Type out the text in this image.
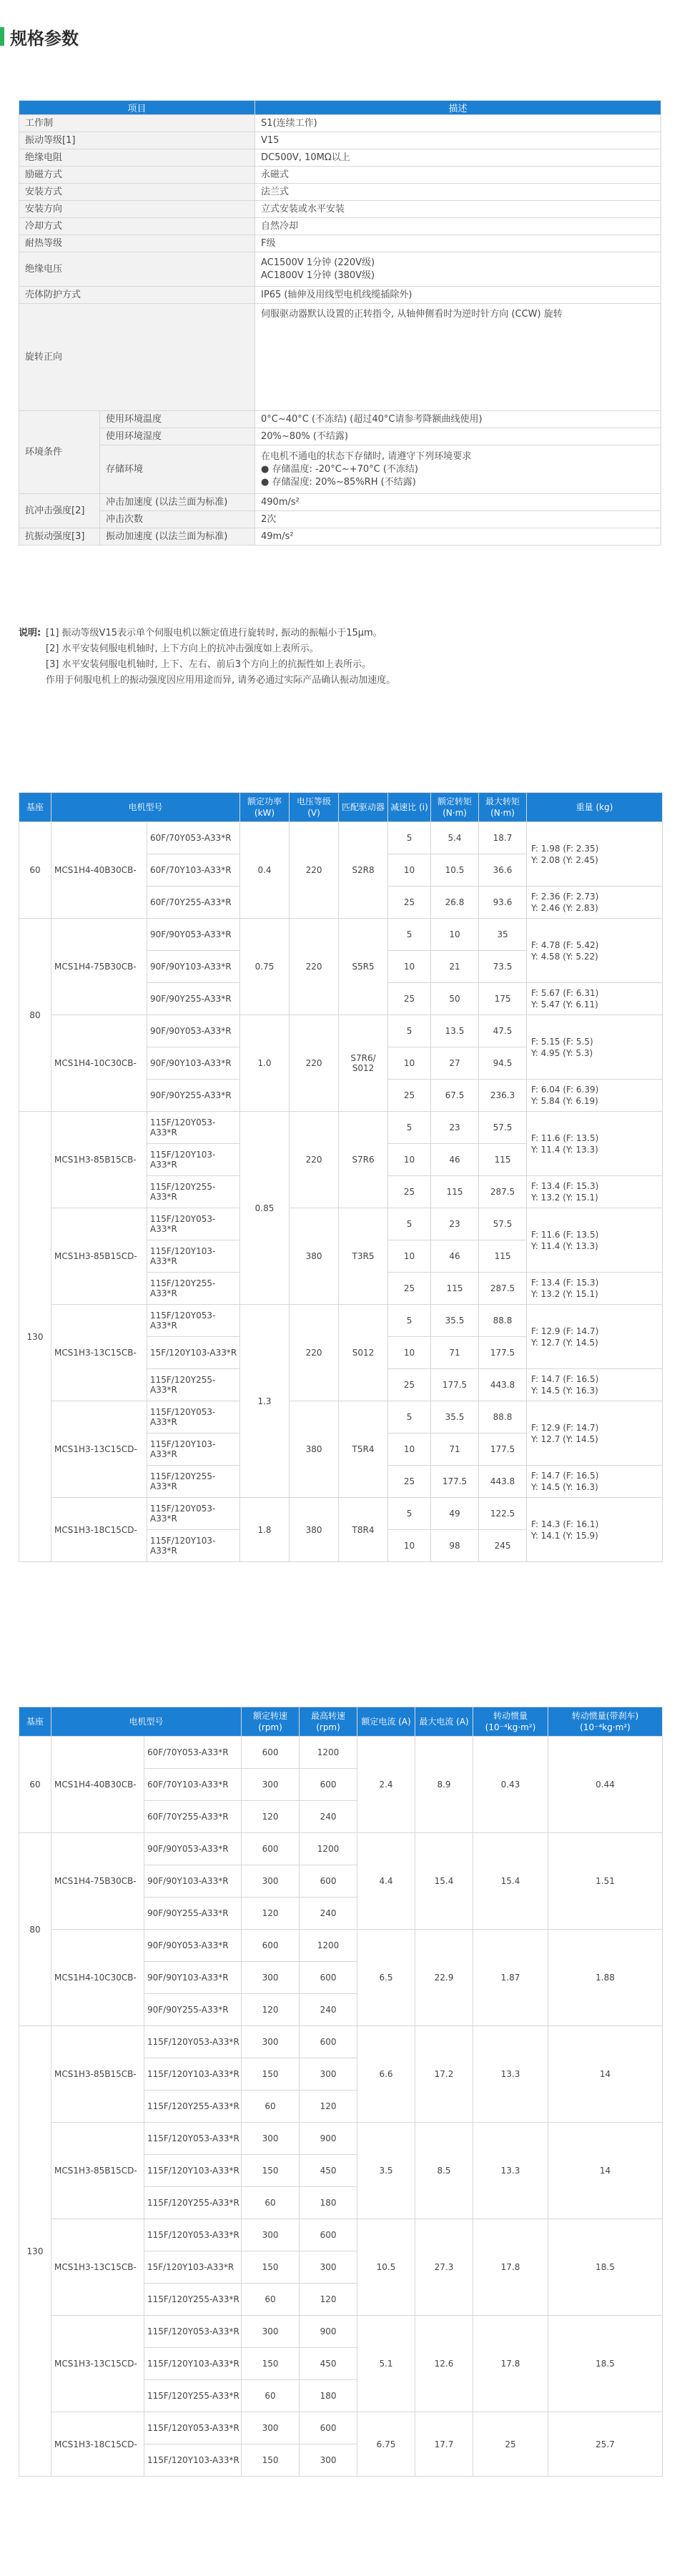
规格参数
项目		描述
工作制		S1(连续工作)
振动等级[1]		V15
绝缘电阻		DC500V, 10MΩ以上
励磁方式		永磁式
安装方式		法兰式
安装方向		立式安装或水平安装
冷却方式		自然冷却
耐热等级		F级
绝缘电压		AC1500V 1分钟 (220V级)
AC1800V 1分钟 (380V级)

壳体防护方式		IP65 (轴伸及用线型电机线缆插除外)
旋转正向		伺服驱动器默认设置的正转指令, 从轴伸侧看时为逆时针方向 (CCW) 旋转
环境条件	使用环境温度	0°C~40°C (不冻结) (超过40°C请参考降额曲线使用)
	使用环境湿度	20%~80% (不结露)
	存储环境	在电机不通电的状态下存储时, 请遵守下列环境要求
● 存储温度: -20°C~+70°C (不冻结)
● 存储湿度: 20%~85%RH (不结露)

抗冲击强度[2]	冲击加速度 (以法兰面为标准)	490m/s²
	冲击次数	2次
抗振动强度[3]	振动加速度 (以法兰面为标准)	49m/s²
说明: [1] 振动等级V15表示单个伺服电机以额定值进行旋转时, 振动的振幅小于15μm。
[2] 水平安装伺服电机轴时, 上下方向上的抗冲击强度如上表所示。
[3] 水平安装伺服电机轴时, 上下、左右、前后3个方向上的抗振性如上表所示。
作用于伺服电机上的振动强度因应用用途而异, 请务必通过实际产品确认振动加速度。
基座	电机型号		额定功率 (kW)	电压等级 (V)	匹配驱动器	减速比 (i)	额定转矩 (N·m)	最大转矩 (N·m)	重量 (kg)
60	MCS1H4-40B30CB-	60F/70Y053-A33*R	0.4	220	S2R8	5	5.4	18.7	F: 1.98 (F: 2.35)
Y: 2.08 (Y: 2.45)

		60F/70Y103-A33*R				10	10.5	36.6	
		60F/70Y255-A33*R				25	26.8	93.6	F: 2.36 (F: 2.73)
Y: 2.46 (Y: 2.83)

80	MCS1H4-75B30CB-	90F/90Y053-A33*R	0.75	220	S5R5	5	10	35	F: 4.78 (F: 5.42)
Y: 4.58 (Y: 5.22)

		90F/90Y103-A33*R				10	21	73.5	
		90F/90Y255-A33*R				25	50	175	F: 5.67 (F: 6.31)
Y: 5.47 (Y: 6.11)

	MCS1H4-10C30CB-	90F/90Y053-A33*R	1.0	220	S7R6/ S012	5	13.5	47.5	F: 5.15 (F: 5.5)
Y: 4.95 (Y: 5.3)

		90F/90Y103-A33*R				10	27	94.5	
		90F/90Y255-A33*R				25	67.5	236.3	F: 6.04 (F: 6.39)
Y: 5.84 (Y: 6.19)

130	MCS1H3-85B15CB-	115F/120Y053-A33*R	0.85	220	S7R6	5	23	57.5	F: 11.6 (F: 13.5)
Y: 11.4 (Y: 13.3)

		115F/120Y103-A33*R				10	46	115	
		115F/120Y255-A33*R				25	115	287.5	F: 13.4 (F: 15.3)
Y: 13.2 (Y: 15.1)

	MCS1H3-85B15CD-	115F/120Y053-A33*R		380	T3R5	5	23	57.5	F: 11.6 (F: 13.5)
Y: 11.4 (Y: 13.3)

		115F/120Y103-A33*R				10	46	115	
		115F/120Y255-A33*R				25	115	287.5	F: 13.4 (F: 15.3)
Y: 13.2 (Y: 15.1)

	MCS1H3-13C15CB-	115F/120Y053-A33*R	1.3	220	S012	5	35.5	88.8	F: 12.9 (F: 14.7)
Y: 12.7 (Y: 14.5)

		15F/120Y103-A33*R				10	71	177.5	
		115F/120Y255-A33*R				25	177.5	443.8	F: 14.7 (F: 16.5)
Y: 14.5 (Y: 16.3)

	MCS1H3-13C15CD-	115F/120Y053-A33*R		380	T5R4	5	35.5	88.8	F: 12.9 (F: 14.7)
Y: 12.7 (Y: 14.5)

		115F/120Y103-A33*R				10	71	177.5	
		115F/120Y255-A33*R				25	177.5	443.8	F: 14.7 (F: 16.5)
Y: 14.5 (Y: 16.3)

	MCS1H3-18C15CD-	115F/120Y053-A33*R	1.8	380	T8R4	5	49	122.5	F: 14.3 (F: 16.1)
Y: 14.1 (Y: 15.9)

		115F/120Y103-A33*R				10	98	245	
基座	电机型号		额定转速 (rpm)	最高转速 (rpm)	额定电流 (A)	最大电流 (A)	转动惯量 (10⁻⁴kg·m²)	转动惯量(带刹车) (10⁻⁴kg·m²)
60	MCS1H4-40B30CB-	60F/70Y053-A33*R	600	1200	2.4	8.9	0.43	0.44
		60F/70Y103-A33*R	300	600				
		60F/70Y255-A33*R	120	240				
80	MCS1H4-75B30CB-	90F/90Y053-A33*R	600	1200	4.4	15.4	15.4	1.51
		90F/90Y103-A33*R	300	600				
		90F/90Y255-A33*R	120	240				
	MCS1H4-10C30CB-	90F/90Y053-A33*R	600	1200	6.5	22.9	1.87	1.88
		90F/90Y103-A33*R	300	600				
		90F/90Y255-A33*R	120	240				
130	MCS1H3-85B15CB-	115F/120Y053-A33*R	300	600	6.6	17.2	13.3	14
		115F/120Y103-A33*R	150	300				
		115F/120Y255-A33*R	60	120				
	MCS1H3-85B15CD-	115F/120Y053-A33*R	300	900	3.5	8.5	13.3	14
		115F/120Y103-A33*R	150	450				
		115F/120Y255-A33*R	60	180				
	MCS1H3-13C15CB-	115F/120Y053-A33*R	300	600	10.5	27.3	17.8	18.5
		15F/120Y103-A33*R	150	300				
		115F/120Y255-A33*R	60	120				
	MCS1H3-13C15CD-	115F/120Y053-A33*R	300	900	5.1	12.6	17.8	18.5
		115F/120Y103-A33*R	150	450				
		115F/120Y255-A33*R	60	180				
	MCS1H3-18C15CD-	115F/120Y053-A33*R	300	600	6.75	17.7	25	25.7
		115F/120Y103-A33*R	150	300				
